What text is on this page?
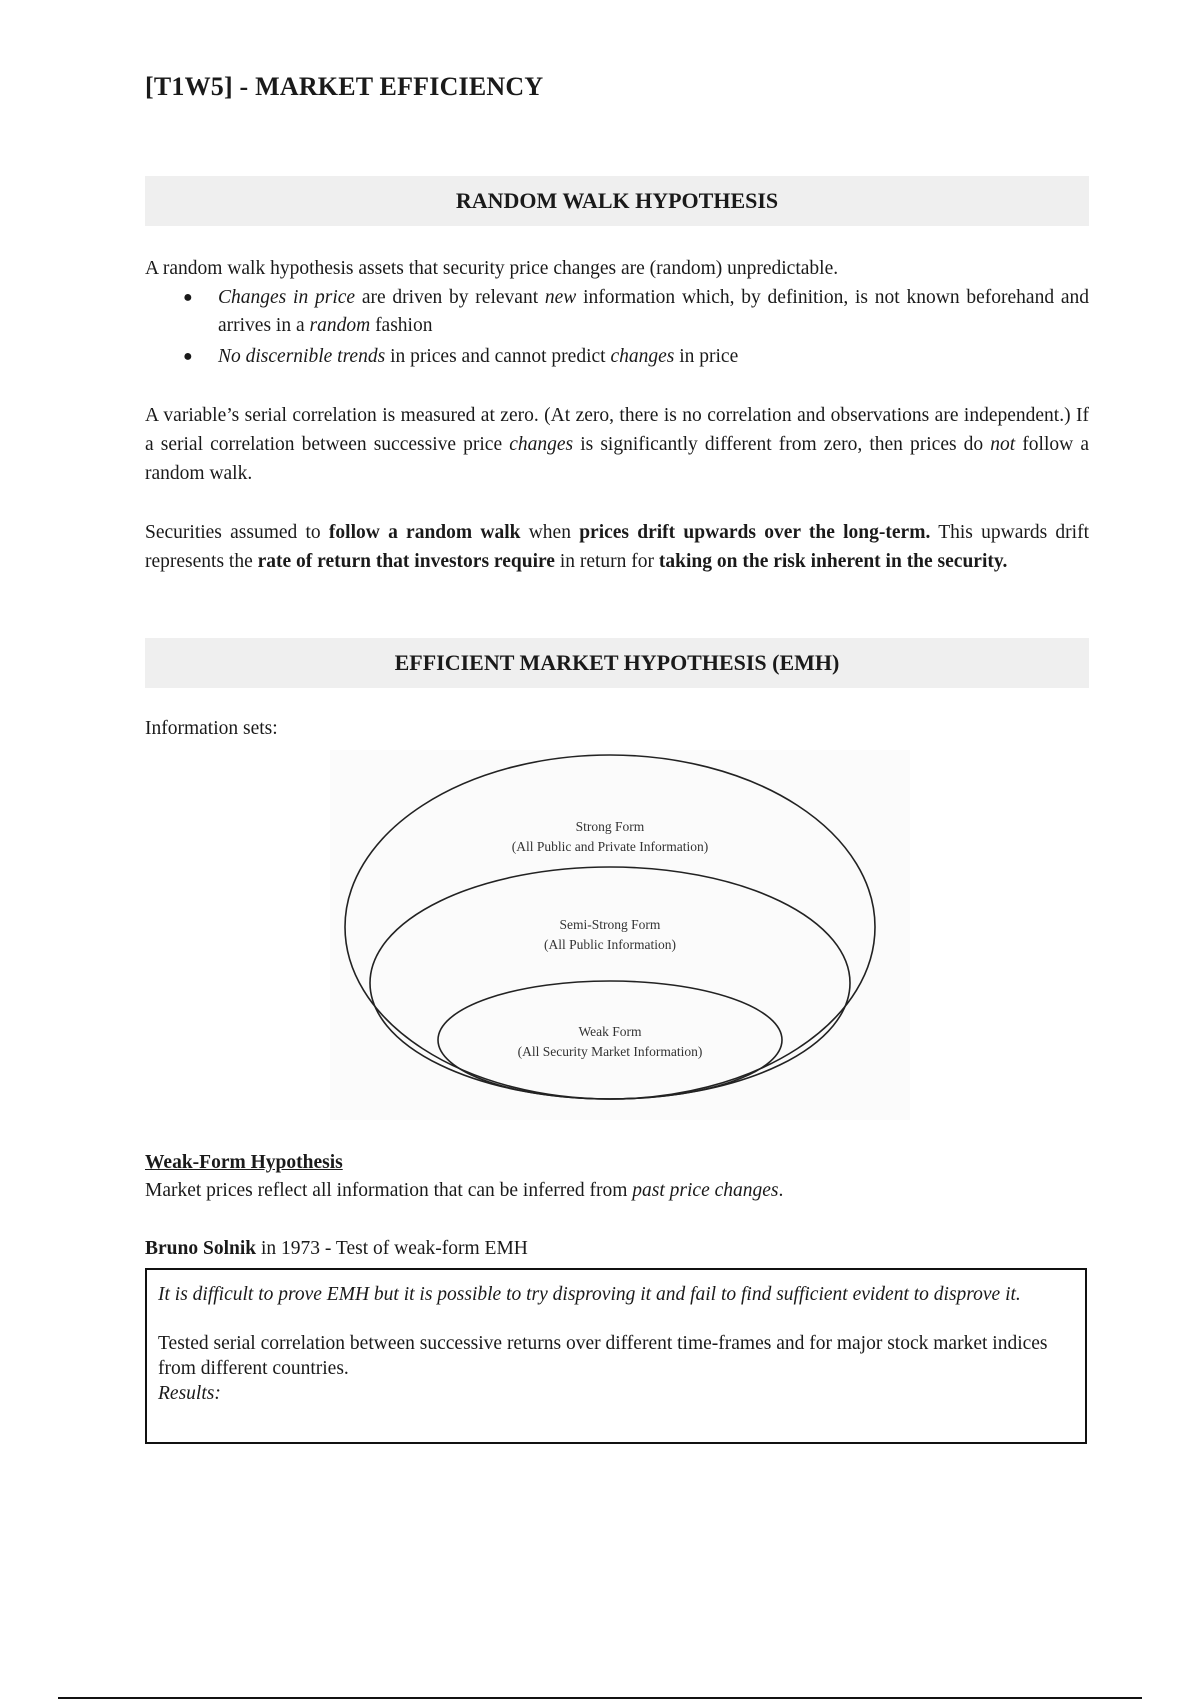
[T1W5] - MARKET EFFICIENCY
RANDOM WALK HYPOTHESIS
A random walk hypothesis assets that security price changes are (random) unpredictable.
● Changes in price are driven by relevant new information which, by definition, is not known beforehand and arrives in a random fashion
● No discernible trends in prices and cannot predict changes in price
A variable’s serial correlation is measured at zero. (At zero, there is no correlation and observations are independent.) If a serial correlation between successive price changes is significantly different from zero, then prices do not follow a random walk.
Securities assumed to follow a random walk when prices drift upwards over the long-term. This upwards drift represents the rate of return that investors require in return for taking on the risk inherent in the security.
EFFICIENT MARKET HYPOTHESIS (EMH)
Information sets:
Strong Form
(All Public and Private Information)
Semi-Strong Form
(All Public Information)
Weak Form
(All Security Market Information)
Weak-Form Hypothesis
Market prices reflect all information that can be inferred from past price changes.
Bruno Solnik in 1973 - Test of weak-form EMH

It is difficult to prove EMH but it is possible to try disproving it and fail to find sufficient evident to disprove it.

Tested serial correlation between successive returns over different time-frames and for major stock market indices from different countries.

Results:
